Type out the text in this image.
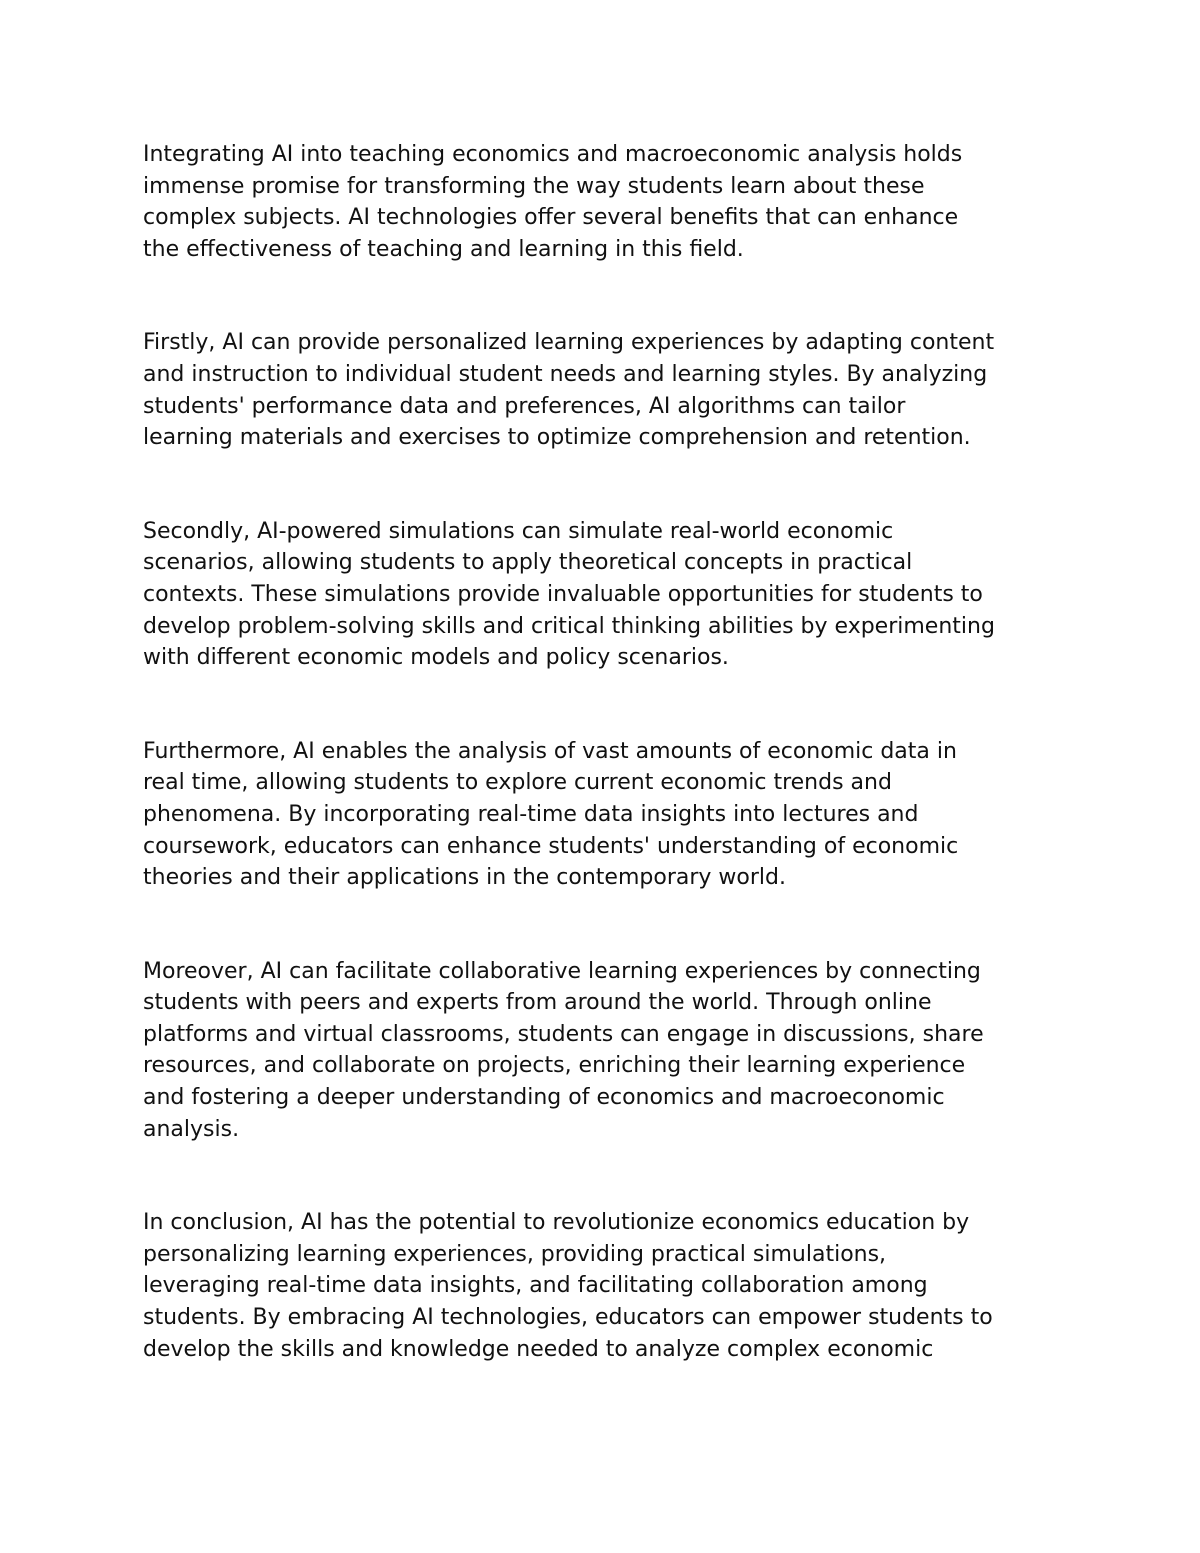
Integrating AI into teaching economics and macroeconomic analysis holds
immense promise for transforming the way students learn about these
complex subjects. AI technologies offer several benefits that can enhance
the effectiveness of teaching and learning in this field.

Firstly, AI can provide personalized learning experiences by adapting content
and instruction to individual student needs and learning styles. By analyzing
students' performance data and preferences, AI algorithms can tailor
learning materials and exercises to optimize comprehension and retention.

Secondly, AI-powered simulations can simulate real-world economic
scenarios, allowing students to apply theoretical concepts in practical
contexts. These simulations provide invaluable opportunities for students to
develop problem-solving skills and critical thinking abilities by experimenting
with different economic models and policy scenarios.

Furthermore, AI enables the analysis of vast amounts of economic data in
real time, allowing students to explore current economic trends and
phenomena. By incorporating real-time data insights into lectures and
coursework, educators can enhance students' understanding of economic
theories and their applications in the contemporary world.

Moreover, AI can facilitate collaborative learning experiences by connecting
students with peers and experts from around the world. Through online
platforms and virtual classrooms, students can engage in discussions, share
resources, and collaborate on projects, enriching their learning experience
and fostering a deeper understanding of economics and macroeconomic
analysis.

In conclusion, AI has the potential to revolutionize economics education by
personalizing learning experiences, providing practical simulations,
leveraging real-time data insights, and facilitating collaboration among
students. By embracing AI technologies, educators can empower students to
develop the skills and knowledge needed to analyze complex economic
